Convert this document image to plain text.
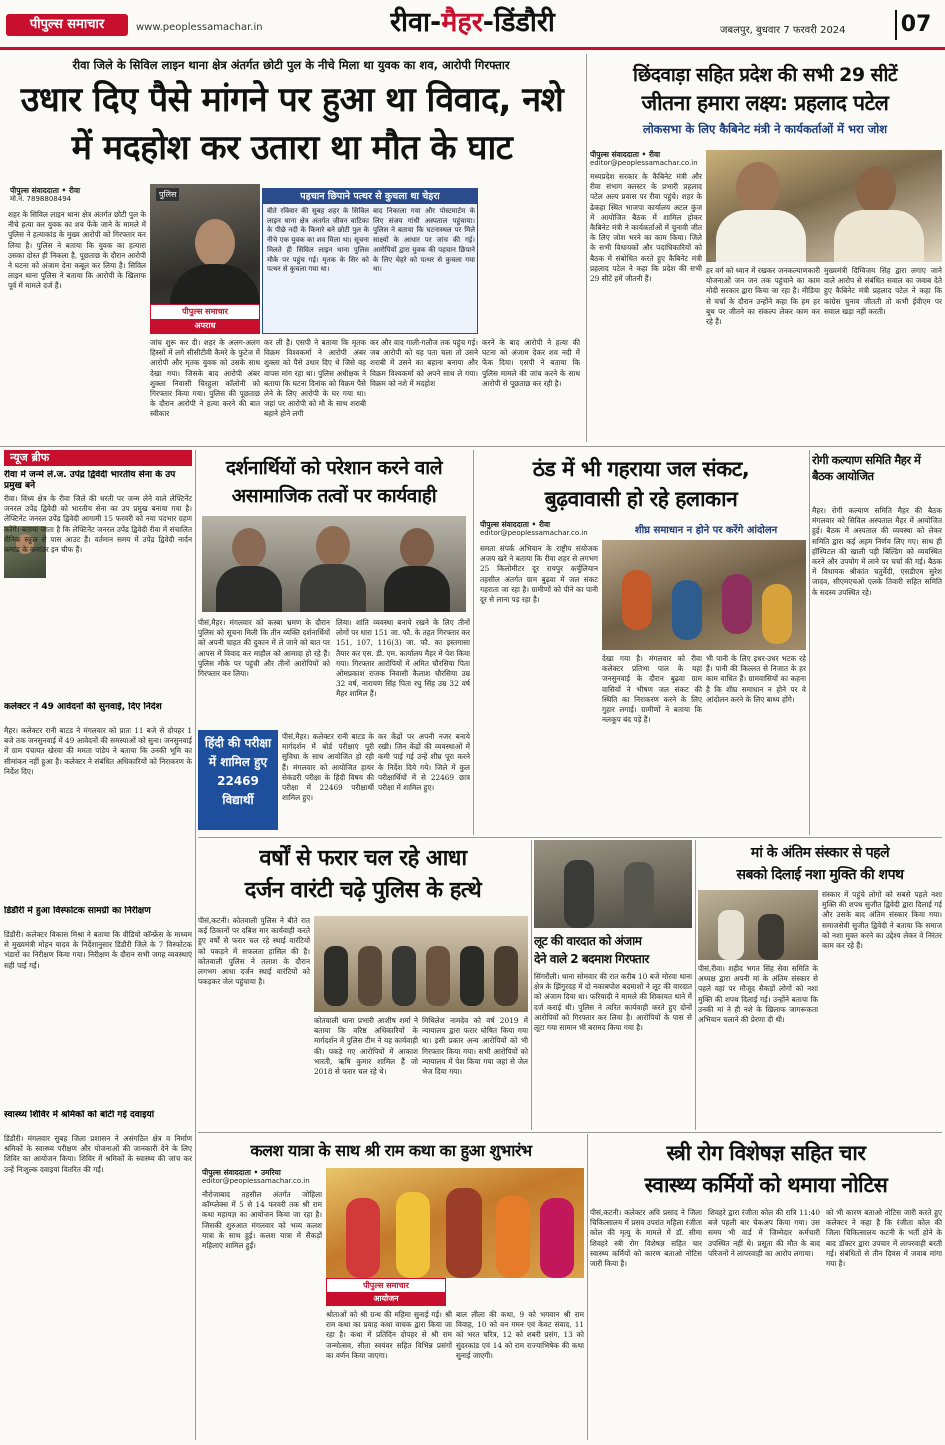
पीपुल्स समाचार	www.peoplessamachar.in	रीवा-मैहर-डिंडौरी	जबलपुर, बुधवार 7 फरवरी 2024	07
रीवा जिले के सिविल लाइन थाना क्षेत्र अंतर्गत छोटी पुल के नीचे मिला था युवक का शव, आरोपी गिरफ्तार
उधार दिए पैसे मांगने पर हुआ था विवाद, नशे में मदहोश कर उतारा था मौत के घाट
पीपुल्स संवाददाता • रीवा
मो.नं. 7898808494
शहर के सिविल लाइन थाना क्षेत्र अंतर्गत छोटी पुल के नीचे हत्या कर युवक का शव फेंके जाने के मामले में पुलिस ने हत्याकांड के मुख्य आरोपी को गिरफ्तार कर लिया है। पुलिस ने बताया कि युवक का हत्यारा उसका दोस्त ही निकला है, पूछताछ के दौरान आरोपी ने घटना को अंजाम देना कबूल कर लिया है। सिविल लाइन थाना पुलिस ने बताया कि आरोपी के खिलाफ पूर्व में मामले दर्ज हैं।
पुलिस
पीपुल्स समाचार
अपराध
जांच शुरू कर दी। शहर के अलग-अलग हिस्सों में लगे सीसीटीवी कैमरे के फुटेज में आरोपी और मृतक युवक को उसके साथ देखा गया। जिसके बाद आरोपी अंबर शुक्ला निवासी चिरहुला कॉलोनी को गिरफ्तार किया गया। पुलिस की पूछताछ के दौरान आरोपी ने हत्या करने की बात स्वीकार
कर ली है। एसपी ने बताया कि मृतक विक्रम विश्वकर्मा ने आरोपी अंबर शुक्ला को पैसे उधार दिए थे जिसे वह वापस मांग रहा था। पुलिस अधीक्षक ने बताया कि घटना दिनांक को विक्रम पैसे लेने के लिए आरोपी के घर गया था। जहां पर आरोपी को मौ के साथ शराबी बहाने होने लगी
पहचान छिपाने पत्थर से कुचला था चेहरा
बीते रविवार की सुबह शहर के सिविल लाइन थाना क्षेत्र अंतर्गत जीवन वाटिका के पीछे नदी के किनारे बने छोटी पुल के नीचे एक युवक का शव मिला था। सूचना मिलते ही सिविल लाइन थाना पुलिस मौके पर पहुंच गई। मृतक के सिर को पत्थर से कुचला गया था।
बाद निकाला गया और पोस्टमार्टम के लिए संजय गांधी अस्पताल पहुंचाया। पुलिस ने बताया कि घटनास्थल पर मिले साक्ष्यों के आधार पर जांच की गई। आरोपियों द्वारा युवक की पहचान छिपाने के लिए चेहरे को पत्थर से कुचला गया था।
कर और वाद गाली-गलौज तक पहुंच गई। जब आरोपी को यह पता चला तो उसने शराबी में उसने का बहाना बनाया और विक्रम विश्वकर्मा को अपने साथ ले गया। विक्रम को नशे में मदहोश
करने के बाद आरोपी ने हत्या की घटना को अंजाम देकर शव नदी में फेंक दिया। एसपी ने बताया कि पुलिस मामले की जांच करने के साथ आरोपी से पूछताछ कर रही है।
छिंदवाड़ा सहित प्रदेश की सभी 29 सीटें
जीतना हमारा लक्ष्य: प्रहलाद पटेल
लोकसभा के लिए कैबिनेट मंत्री ने कार्यकर्ताओं में भरा जोश
पीपुल्स संवाददाता • रीवा
editor@peoplessamachar.co.in
मध्यप्रदेश सरकार के कैबिनेट मंत्री और रीवा संभाग क्लस्टर के प्रभारी प्रहलाद पटेल अल्प प्रवास पर रीवा पहुंचे। शहर के ढेकहा स्थित भाजपा कार्यालय अटल कुंज में आयोजित बैठक में शामिल होकर कैबिनेट मंत्री ने कार्यकर्ताओं में चुनावी जीत के लिए जोश भरने का काम किया। जिले के सभी विधायकों और पदाधिकारियों को बैठक में संबोधित करते हुए कैबिनेट मंत्री प्रहलाद पटेल ने कहा कि प्रदेश की सभी 29 सीटें हमें जीतनी हैं।
हर वर्ग को ध्यान में रखकर जनकल्याणकारी योजनाओं जन जन तक पहुंचाने का काम मोदी सरकार द्वारा किया जा रहा है। मीडिया से चर्चा के दौरान उन्होंने कहा कि हम हर बूथ पर जीतने का संकल्प लेकर काम कर रहे हैं।
मुख्यमंत्री दिग्विजय सिंह द्वारा लगाए जाने वाले आरोप से संबंधित सवाल का जवाब देते हुए कैबिनेट मंत्री प्रहलाद पटेल ने कहा कि कांग्रेस चुनाव जीतती तो कभी ईवीएम पर सवाल खड़ा नहीं करती।
न्यूज ब्रीफ
रीवा में जन्मे ले.ज. उपेंद्र द्विवेदी भारतीय सेना के उप प्रमुख बने
रीवा। विंध्य क्षेत्र के रीवा जिले की धरती पर जन्म लेने वाले लेफ्टिनेंट जनरल उपेंद्र द्विवेदी को भारतीय सेना का उप प्रमुख बनाया गया है। लेफ्टिनेंट जनरल उपेंद्र द्विवेदी आगामी 15 फरवरी को नया पदभार ग्रहण करेंगे। बताया जाता है कि लेफ्टिनेंट जनरल उपेंद्र द्विवेदी रीवा में संचालित सैनिक स्कूल से पास आउट हैं। वर्तमान समय में उपेंद्र द्विवेदी नार्दन कमांड के कमांडर इन चीफ हैं।
कलेक्टर ने 49 आवेदनों की सुनवाई, दिए निर्देश
मैहर। कलेक्टर रानी बाटड ने मंगलवार को प्रातः 11 बजे से दोपहर 1 बजे तक जनसुनवाई में 49 आवेदनों की समस्याओं को सुना। जनसुनवाई में ग्राम पंचायत खेरवा की ममता पांडेय ने बताया कि उनकी भूमि का सीमांकन नहीं हुआ है। कलेक्टर ने संबंधित अधिकारियों को निराकरण के निर्देश दिए।
डिंडौरी में हुआ विस्फोटक सामग्री का निरीक्षण
डिंडौरी। कलेक्टर विकास मिश्रा ने बताया कि वीडियो कॉन्फ्रेंस के माध्यम से मुख्यमंत्री मोहन यादव के निर्देशानुसार डिंडौरी जिले के 7 विस्फोटक भंडारों का निरीक्षण किया गया। निरीक्षण के दौरान सभी जगह व्यवस्थाएं सही पाई गईं।
स्वास्थ्य शिविर में श्रमिकों को बांटी गई दवाइयां
डिंडौरी। मंगलवार सुबह जिला प्रशासन ने असंगठित क्षेत्र व निर्माण श्रमिकों के स्वास्थ्य परीक्षण और योजनाओं की जानकारी देने के लिए शिविर का आयोजन किया। शिविर में श्रमिकों के स्वास्थ्य की जांच कर उन्हें निःशुल्क दवाइयां वितरित की गईं।
दर्शनार्थियों को परेशान करने वाले असामाजिक तत्वों पर कार्यवाही
पीसं,मैहर। मंगलवार को कस्बा भ्रमण के दौरान पुलिस को सूचना मिली कि तीन व्यक्ति दर्शनार्थियों को अपनी चाहत की दुकान में ले जाने को बात पर आपस में विवाद कर माहौल को आमादा हो रहे हैं। पुलिस मौके पर पहुंची और तीनों आरोपियों को गिरफ्तार कर लिया।
लिया। शांति व्यवस्था बनाये रखने के लिए तीनों लोगों पर धारा 151 जा. फौ. के तहत गिरफ्तार कर 151, 107, 116(3) जा. फौ. का इस्तगासा तैयार कर एस. डी. एम. कार्यालय मैहर में पेश किया गया। गिरफ्तार आरोपियों में अमित चौरसिया पिता ओमप्रकाश राजक निवासी कैलाश चौरसिया उम्र 32 वर्ष, नारायण सिंह पिता रघु सिंह उम्र 32 वर्ष मैहर शामिल हैं।
हिंदी की परीक्षा में शामिल हुए 22469 विद्यार्थी
पीसं,मैहर। कलेक्टर रानी बाटड के मार्गदर्शन में बोर्ड परीक्षाएं पूरी सुविधा के साथ आयोजित हो रही हैं। मंगलवार को आयोजित हायर सेकंडरी परीक्षा के हिंदी विषय की परीक्षा में 22469 परीक्षार्थी शामिल हुए।
कर केंद्रों पर अपनी नजर बनाये रखी। जिन केंद्रों की व्यवस्थाओं में कमी पाई गई उन्हें शीघ्र पूरा करने के निर्देश दिये गये। जिले में कुल परीक्षार्थियों में से 22469 छात्र परीक्षा में शामिल हुए।
ठंड में भी गहराया जल संकट,
बुढ़वावासी हो रहे हलाकान
पीपुल्स संवाददाता • रीवा
editor@peoplessamachar.co.in	शीघ्र समाधान न होने पर करेंगे आंदोलन
समता संपर्क अभियान के राष्ट्रीय संयोजक अजय खरे ने बताया कि रीवा शहर से लगभग 25 किलोमीटर दूर रायपुर कर्चुलियान तहसील अंतर्गत ग्राम बुढ़वा में जल संकट गहराता जा रहा है। ग्रामीणों को पीने का पानी दूर से लाना पड़ रहा है।
देखा गया है। मंगलवार को रीवा कलेक्टर प्रतिभा पाल के यहां जनसुनवाई के दौरान बुढ़वा ग्राम वासियों ने भीषण जल संकट की स्थिति का निराकरण करने के लिए गुहार लगाई। ग्रामीणों ने बताया कि नलकूप बंद पड़े हैं।
भी पानी के लिए इधर-उधर भटक रहे हैं। पानी की किल्लत से निजात के हर काम वाधित हैं। ग्रामवासियों का कहना है कि शीघ्र समाधान न होने पर वे आंदोलन करने के लिए बाध्य होंगे।
रोगी कल्याण समिति मैहर में बैठक आयोजित
मैहर। रोगी कल्याण समिति मैहर की बैठक मंगलवार को सिविल अस्पताल मैहर में आयोजित हुई। बैठक में अस्पताल की व्यवस्था को लेकर समिति द्वारा कई अहम निर्णय लिए गए। साथ ही हॉस्पिटल की खाली पड़ी बिल्डिंग को व्यवस्थित करने और उपयोग में लाने पर चर्चा की गई। बैठक में विधायक श्रीकांत चतुर्वेदी, एसडीएम सुरेश जादव, सीएमएचओ एलके तिवारी सहित समिति के सदस्य उपस्थित रहे।
वर्षों से फरार चल रहे आधा
दर्जन वारंटी चढ़े पुलिस के हत्थे
पीसं,कटनी। कोतवाली पुलिस ने बीते रात कई ठिकानों पर दबिश मार कार्यवाही करते हुए वर्षों से फरार चल रहे स्थाई वारंटियों को पकड़ने में सफलता हासिल की है। कोतवाली पुलिस ने तलाश के दौरान लगभग आधा दर्जन स्थाई वारंटियों को पकड़कर जेल पहुंचाया है।
कोतवाली थाना प्रभारी आशीष शर्मा ने बताया कि वरिष्ठ अधिकारियों के मार्गदर्शन में पुलिस टीम ने यह कार्यवाही की। पकड़े गए आरोपियों में आकाश भारती, ऋषि कुमार शामिल हैं जो 2018 से फरार चल रहे थे।
मिथिलेश नामदेव को वर्ष 2019 में न्यायालय द्वारा फरार घोषित किया गया था। इसी प्रकार अन्य आरोपियों को भी गिरफ्तार किया गया। सभी आरोपियों को न्यायालय में पेश किया गया जहां से जेल भेज दिया गया।
लूट की वारदात को अंजाम
देने वाले 2 बदमाश गिरफ्तार
सिंगरौली। थाना सोमवार की रात करीब 10 बजे मोरवा थाना क्षेत्र के झिंगुरदह में दो नकाबपोश बदमाशों ने लूट की वारदात को अंजाम दिया था। फरियादी ने मामले की शिकायत थाने में दर्ज कराई थी। पुलिस ने त्वरित कार्यवाही करते हुए दोनों आरोपियों को गिरफ्तार कर लिया है। आरोपियों के पास से लूटा गया सामान भी बरामद किया गया है।
मां के अंतिम संस्कार से पहले
सबको दिलाई नशा मुक्ति की शपथ
पीसं,रीवा। शहीद भगत सिंह सेवा समिति के अध्यक्ष द्वारा अपनी मां के अंतिम संस्कार से पहले वहां पर मौजूद सैकड़ों लोगों को नशा मुक्ति की शपथ दिलाई गई। उन्होंने बताया कि उनकी मां ने ही नशे के खिलाफ जागरूकता अभियान चलाने की प्रेरणा दी थी।
संस्कार में पहुंचे लोगों को सबसे पहले नशा मुक्ति की शपथ सुजीत द्विवेदी द्वारा दिलाई गई और उसके बाद अंतिम संस्कार किया गया। समाजसेवी सुजीत द्विवेदी ने बताया कि समाज को नशा मुक्त करने का उद्देश्य लेकर वे निरंतर काम कर रहे हैं।
कलश यात्रा के साथ श्री राम कथा का हुआ शुभारंभ
पीपुल्स संवाददाता • उमरिया
editor@peoplessamachar.co.in
नौरोजाबाद तहसील अंतर्गत जोहिला कॉम्प्लेक्स में 5 से 14 फरवरी तक श्री राम कथा महायज्ञ का आयोजन किया जा रहा है। जिसकी शुरुआत मंगलवार को भव्य कलश यात्रा के साथ हुई। कलश यात्रा में सैकड़ों महिलाएं शामिल हुईं।
पीपुल्स समाचार
आयोजन
श्रोताओं को श्री ग्रन्थ की महिमा सुनाई गई। श्री राम कथा का प्रवाह कथा वाचक द्वारा किया जा रहा है। कथा में प्रतिदिन दोपहर से श्री राम जन्मोत्सव, सीता स्वयंवर सहित विभिन्न प्रसंगों का वर्णन किया जाएगा।
बाल लीला की कथा, 9 को भगवान श्री राम विवाह, 10 को वन गमन एवं केवट संवाद, 11 को भरत चरित्र, 12 को शबरी प्रसंग, 13 को सुंदरकांड एवं 14 को राम राज्याभिषेक की कथा सुनाई जाएगी।
स्त्री रोग विशेषज्ञ सहित चार
स्वास्थ्य कर्मियों को थमाया नोटिस
पीसं,कटनी। कलेक्टर अवि प्रसाद ने जिला चिकित्सालय में प्रसव उपरांत महिला रंजीता कोल की मृत्यु के मामले में डॉ. सीमा शिवहरे स्त्री रोग विशेषज्ञ सहित चार स्वास्थ्य कर्मियों को कारण बताओ नोटिस जारी किया है।
शिवहरे द्वारा रंजीता कोल की रात्रि 11:40 बजे पहली बार चेकअप किया गया। उस समय भी वार्ड में जिम्मेदार कर्मचारी उपस्थित नहीं थे। प्रसूता की मौत के बाद परिजनों ने लापरवाही का आरोप लगाया।
को भी कारण बताओ नोटिस जारी करते हुए कलेक्टर ने कहा है कि रंजीता कोल की जिला चिकित्सालय कटनी के भर्ती होने के बाद डॉक्टर द्वारा उपचार में लापरवाही बरती गई। संबंधितों से तीन दिवस में जवाब मांगा गया है।
